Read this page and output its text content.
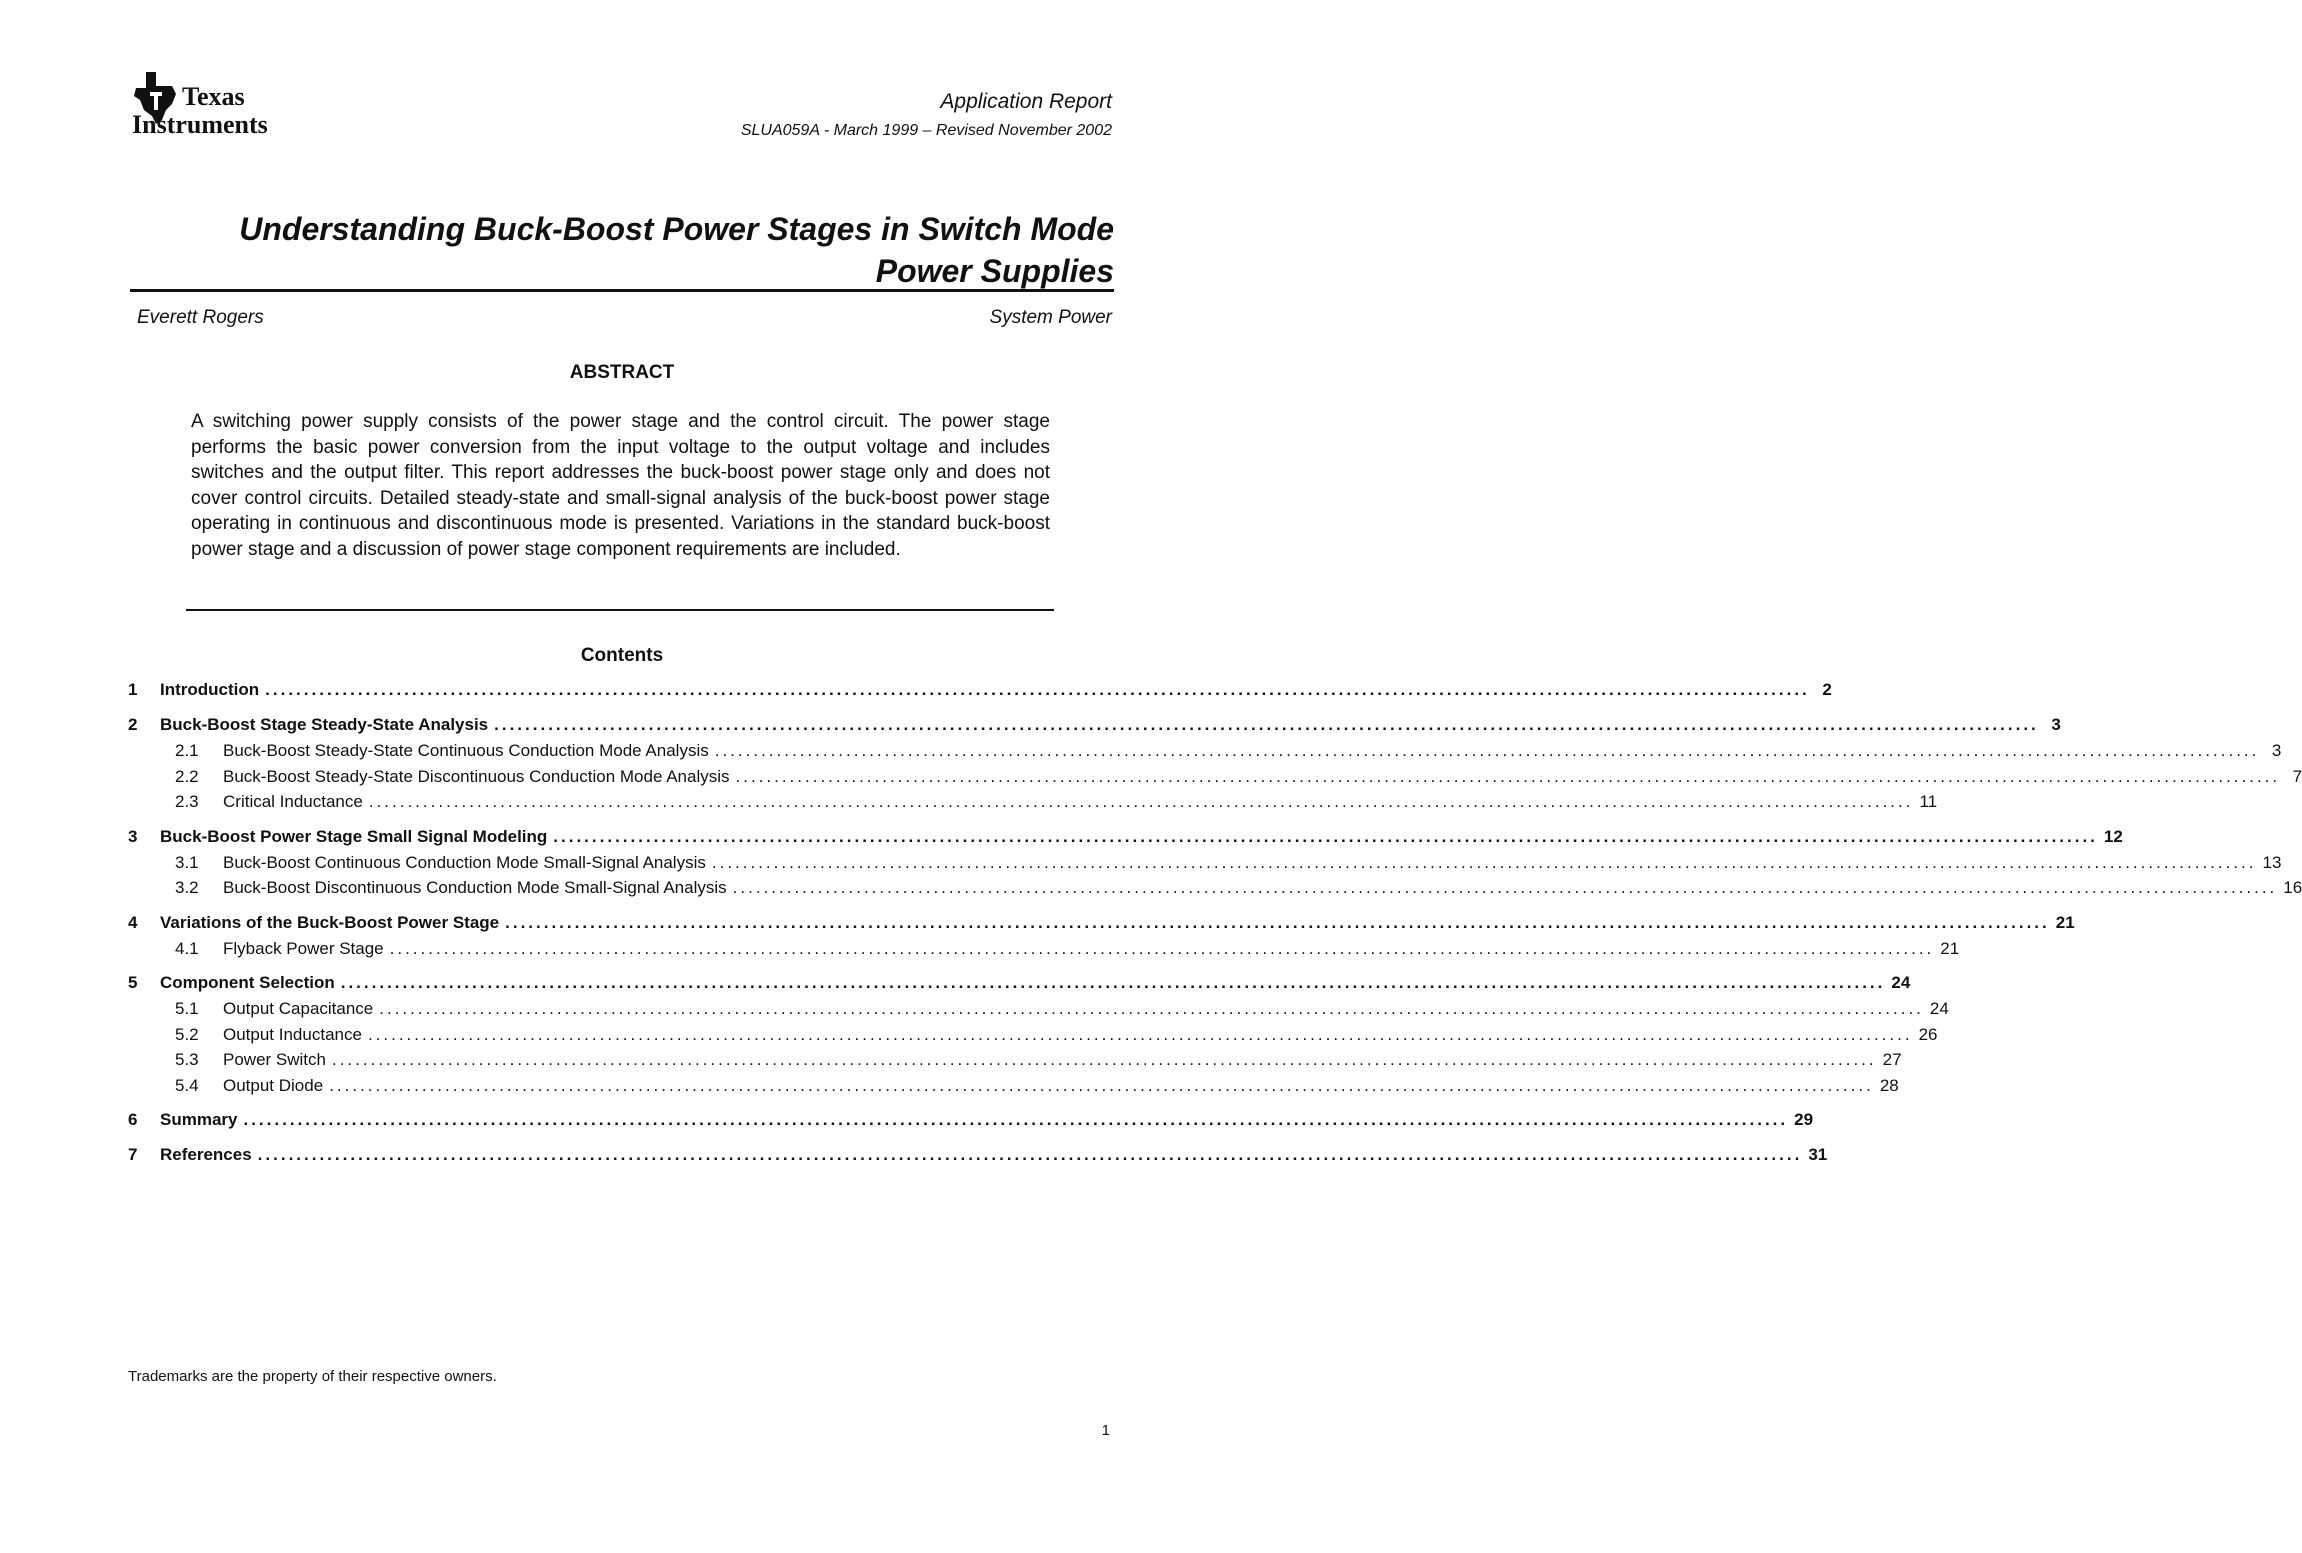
Texas
Instruments
Application Report
SLUA059A - March 1999 – Revised November 2002
Understanding Buck-Boost Power Stages in Switch Mode Power Supplies
Everett Rogers	System Power
ABSTRACT
A switching power supply consists of the power stage and the control circuit. The power stage performs the basic power conversion from the input voltage to the output voltage and includes switches and the output filter. This report addresses the buck-boost power stage only and does not cover control circuits. Detailed steady-state and small-signal analysis of the buck-boost power stage operating in continuous and discontinuous mode is presented. Variations in the standard buck-boost power stage and a discussion of power stage component requirements are included.
Contents
1	Introduction ........................................................................................................................................................................................................ 2
2	Buck-Boost Stage Steady-State Analysis ........................................................................................................................................................................................................ 3
2.1	Buck-Boost Steady-State Continuous Conduction Mode Analysis ........................................................................................................................................................................................................ 3
2.2	Buck-Boost Steady-State Discontinuous Conduction Mode Analysis ........................................................................................................................................................................................................ 7
2.3	Critical Inductance ........................................................................................................................................................................................................ 11
3	Buck-Boost Power Stage Small Signal Modeling ........................................................................................................................................................................................................ 12
3.1	Buck-Boost Continuous Conduction Mode Small-Signal Analysis ........................................................................................................................................................................................................ 13
3.2	Buck-Boost Discontinuous Conduction Mode Small-Signal Analysis ........................................................................................................................................................................................................ 16
4	Variations of the Buck-Boost Power Stage ........................................................................................................................................................................................................ 21
4.1	Flyback Power Stage ........................................................................................................................................................................................................ 21
5	Component Selection ........................................................................................................................................................................................................ 24
5.1	Output Capacitance ........................................................................................................................................................................................................ 24
5.2	Output Inductance ........................................................................................................................................................................................................ 26
5.3	Power Switch ........................................................................................................................................................................................................ 27
5.4	Output Diode ........................................................................................................................................................................................................ 28
6	Summary ........................................................................................................................................................................................................ 29
7	References ........................................................................................................................................................................................................ 31
Trademarks are the property of their respective owners.
1
